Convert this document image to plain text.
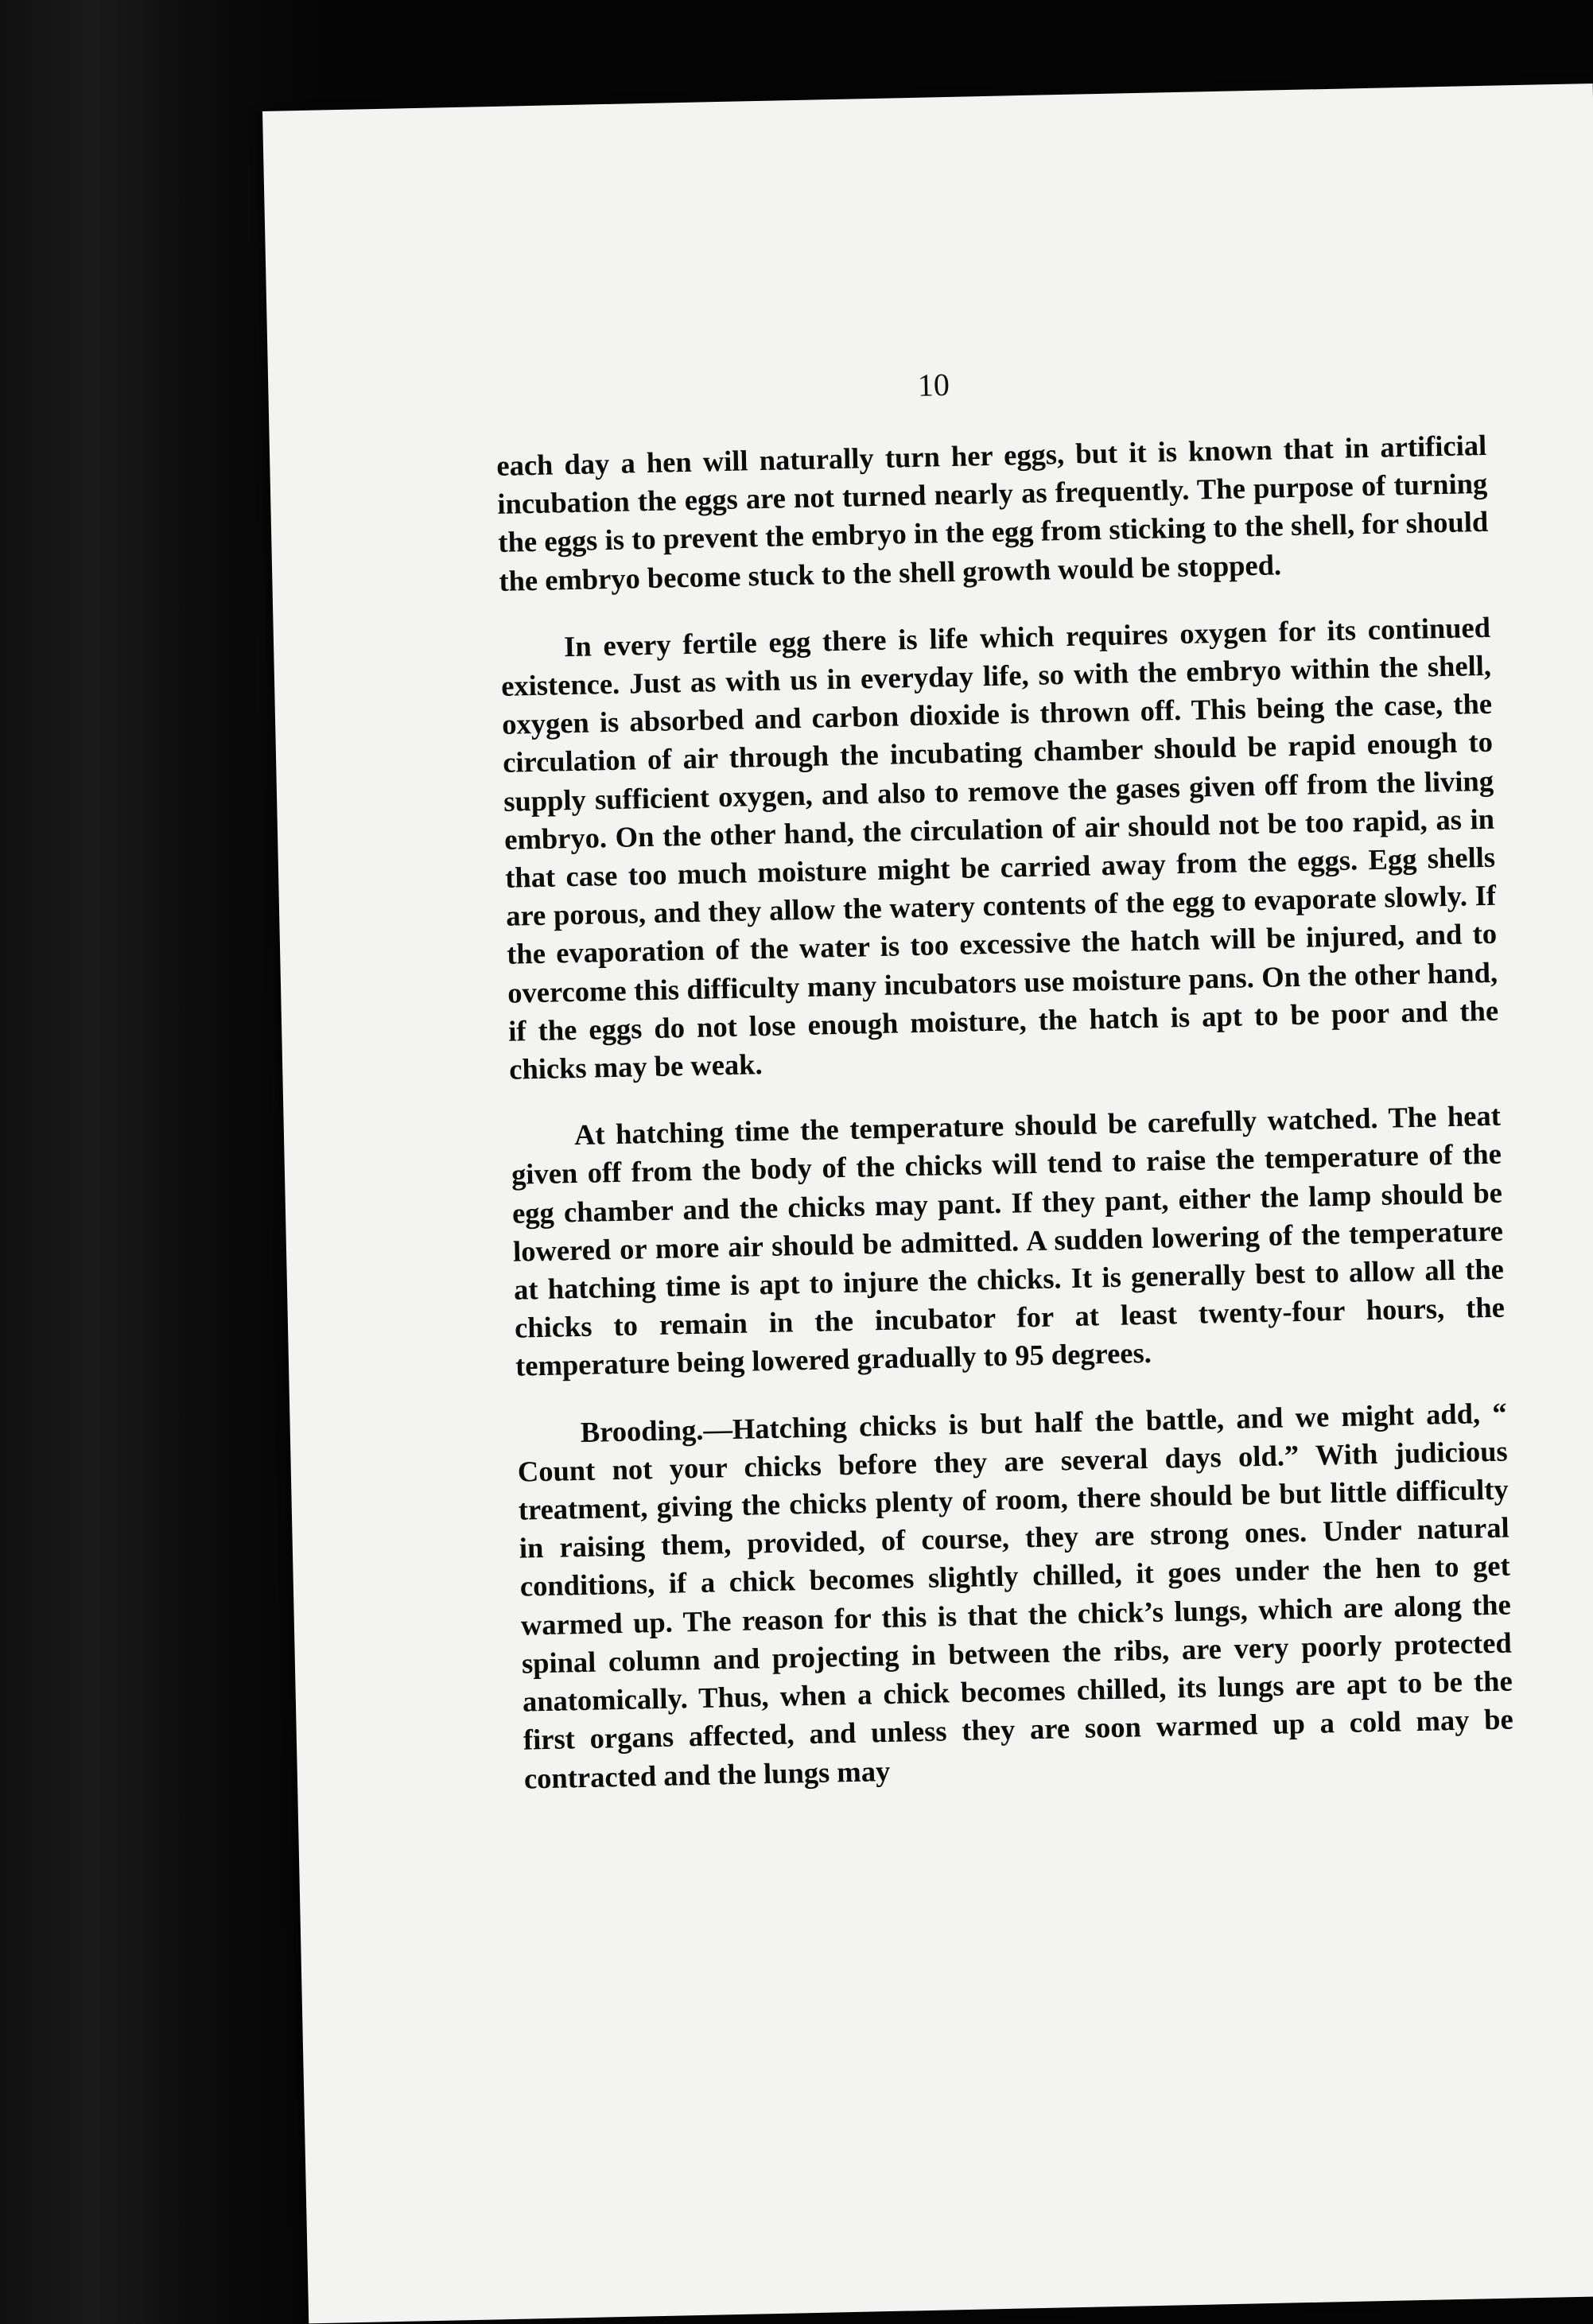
10

each day a hen will naturally turn her eggs, but it is known that in artificial incubation the eggs are not turned nearly as frequently. The purpose of turning the eggs is to prevent the embryo in the egg from sticking to the shell, for should the embryo become stuck to the shell growth would be stopped.

In every fertile egg there is life which requires oxygen for its continued existence. Just as with us in everyday life, so with the embryo within the shell, oxygen is absorbed and carbon dioxide is thrown off. This being the case, the circulation of air through the incubating chamber should be rapid enough to supply sufficient oxygen, and also to remove the gases given off from the living embryo. On the other hand, the circulation of air should not be too rapid, as in that case too much moisture might be carried away from the eggs. Egg shells are porous, and they allow the watery contents of the egg to evaporate slowly. If the evaporation of the water is too excessive the hatch will be injured, and to overcome this difficulty many incubators use moisture pans. On the other hand, if the eggs do not lose enough moisture, the hatch is apt to be poor and the chicks may be weak.

At hatching time the temperature should be carefully watched. The heat given off from the body of the chicks will tend to raise the temperature of the egg chamber and the chicks may pant. If they pant, either the lamp should be lowered or more air should be admitted. A sudden lowering of the temperature at hatching time is apt to injure the chicks. It is generally best to allow all the chicks to remain in the incubator for at least twenty-four hours, the temperature being lowered gradually to 95 degrees.

Brooding.—Hatching chicks is but half the battle, and we might add, “ Count not your chicks before they are several days old.” With judicious treatment, giving the chicks plenty of room, there should be but little difficulty in raising them, provided, of course, they are strong ones. Under natural conditions, if a chick becomes slightly chilled, it goes under the hen to get warmed up. The reason for this is that the chick’s lungs, which are along the spinal column and projecting in between the ribs, are very poorly protected anatomically. Thus, when a chick becomes chilled, its lungs are apt to be the first organs affected, and unless they are soon warmed up a cold may be contracted and the lungs may
